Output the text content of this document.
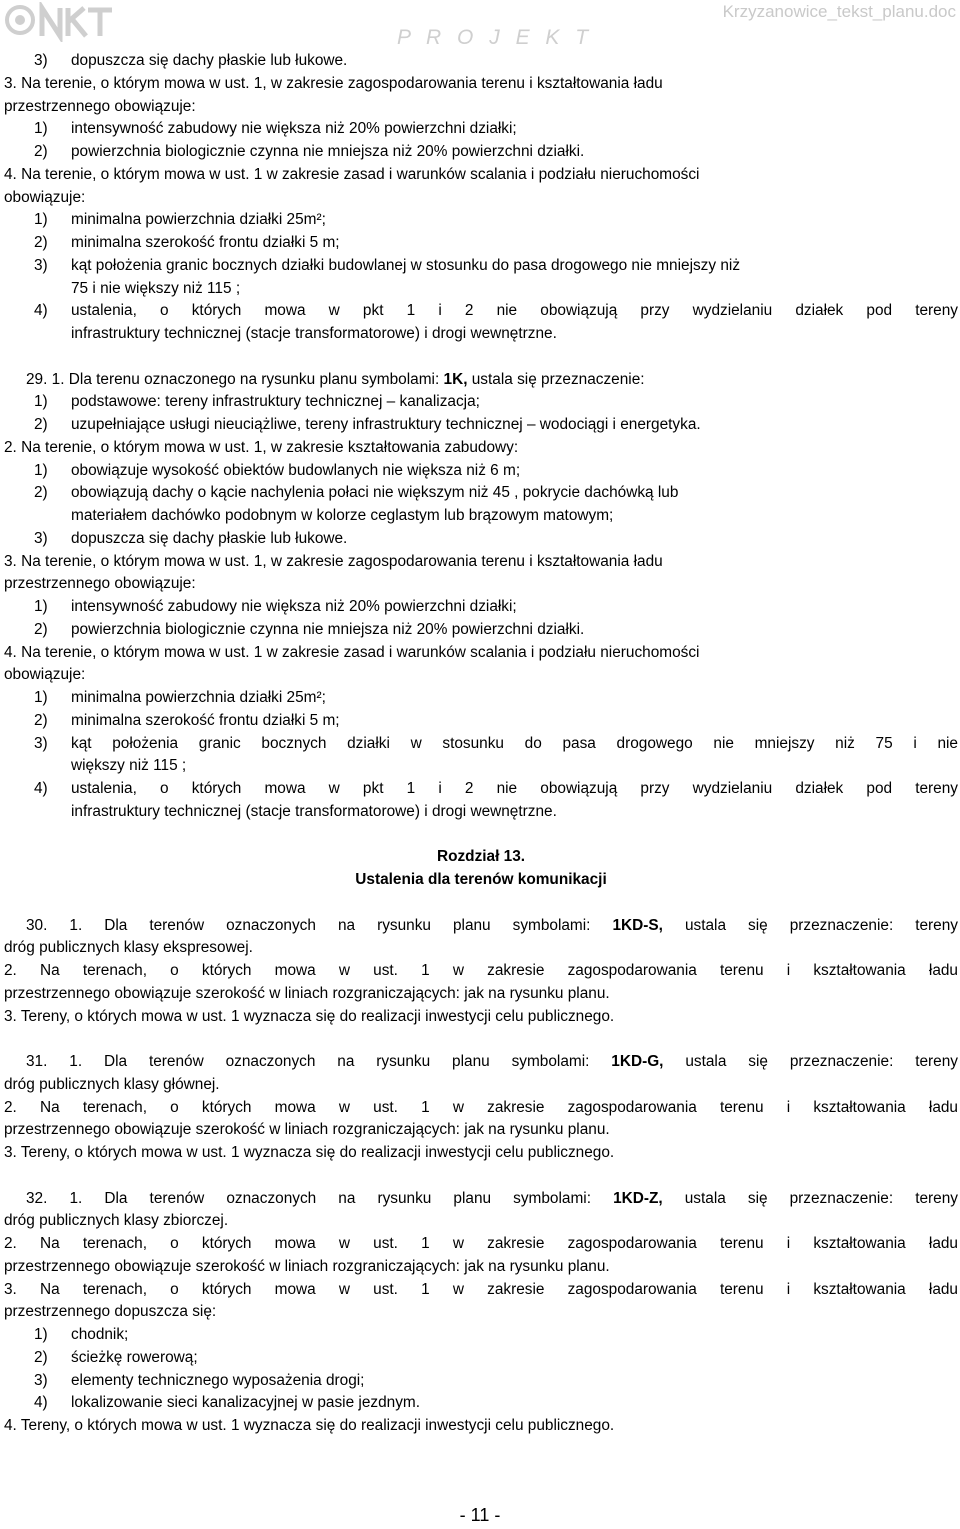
P R O J E K T
Krzyzanowice_tekst_planu.doc
3) dopuszcza się dachy płaskie lub łukowe.
3. Na terenie, o którym mowa w ust. 1, w zakresie zagospodarowania terenu i kształtowania ładu
przestrzennego obowiązuje:
1) intensywność zabudowy nie większa niż 20% powierzchni działki;
2) powierzchnia biologicznie czynna nie mniejsza niż 20% powierzchni działki.
4. Na terenie, o którym mowa w ust. 1 w zakresie zasad i warunków scalania i podziału nieruchomości
obowiązuje:
1) minimalna powierzchnia działki 25m²;
2) minimalna szerokość frontu działki 5 m;
3) kąt położenia granic bocznych działki budowlanej w stosunku do pasa drogowego nie mniejszy niż
75 i nie większy niż 115 ;
4) ustalenia, o których mowa w pkt 1 i 2 nie obowiązują przy wydzielaniu działek pod tereny
infrastruktury technicznej (stacje transformatorowe) i drogi wewnętrzne.
29. 1. Dla terenu oznaczonego na rysunku planu symbolami: 1K, ustala się przeznaczenie:
1) podstawowe: tereny infrastruktury technicznej – kanalizacja;
2) uzupełniające usługi nieuciążliwe, tereny infrastruktury technicznej – wodociągi i energetyka.
2. Na terenie, o którym mowa w ust. 1, w zakresie kształtowania zabudowy:
1) obowiązuje wysokość obiektów budowlanych nie większa niż 6 m;
2) obowiązują dachy o kącie nachylenia połaci nie większym niż 45 , pokrycie dachówką lub
materiałem dachówko podobnym w kolorze ceglastym lub brązowym matowym;
3) dopuszcza się dachy płaskie lub łukowe.
3. Na terenie, o którym mowa w ust. 1, w zakresie zagospodarowania terenu i kształtowania ładu
przestrzennego obowiązuje:
1) intensywność zabudowy nie większa niż 20% powierzchni działki;
2) powierzchnia biologicznie czynna nie mniejsza niż 20% powierzchni działki.
4. Na terenie, o którym mowa w ust. 1 w zakresie zasad i warunków scalania i podziału nieruchomości
obowiązuje:
1) minimalna powierzchnia działki 25m²;
2) minimalna szerokość frontu działki 5 m;
3) kąt położenia granic bocznych działki w stosunku do pasa drogowego nie mniejszy niż 75 i nie
większy niż 115 ;
4) ustalenia, o których mowa w pkt 1 i 2 nie obowiązują przy wydzielaniu działek pod tereny
infrastruktury technicznej (stacje transformatorowe) i drogi wewnętrzne.
Rozdział 13.
Ustalenia dla terenów komunikacji
30. 1. Dla terenów oznaczonych na rysunku planu symbolami: 1KD-S, ustala się przeznaczenie: tereny
dróg publicznych klasy ekspresowej.
2. Na terenach, o których mowa w ust. 1 w zakresie zagospodarowania terenu i kształtowania ładu
przestrzennego obowiązuje szerokość w liniach rozgraniczających: jak na rysunku planu.
3. Tereny, o których mowa w ust. 1 wyznacza się do realizacji inwestycji celu publicznego.
31. 1. Dla terenów oznaczonych na rysunku planu symbolami: 1KD-G, ustala się przeznaczenie: tereny
dróg publicznych klasy głównej.
2. Na terenach, o których mowa w ust. 1 w zakresie zagospodarowania terenu i kształtowania ładu
przestrzennego obowiązuje szerokość w liniach rozgraniczających: jak na rysunku planu.
3. Tereny, o których mowa w ust. 1 wyznacza się do realizacji inwestycji celu publicznego.
32. 1. Dla terenów oznaczonych na rysunku planu symbolami: 1KD-Z, ustala się przeznaczenie: tereny
dróg publicznych klasy zbiorczej.
2. Na terenach, o których mowa w ust. 1 w zakresie zagospodarowania terenu i kształtowania ładu
przestrzennego obowiązuje szerokość w liniach rozgraniczających: jak na rysunku planu.
3. Na terenach, o których mowa w ust. 1 w zakresie zagospodarowania terenu i kształtowania ładu
przestrzennego dopuszcza się:
1) chodnik;
2) ścieżkę rowerową;
3) elementy technicznego wyposażenia drogi;
4) lokalizowanie sieci kanalizacyjnej w pasie jezdnym.
4. Tereny, o których mowa w ust. 1 wyznacza się do realizacji inwestycji celu publicznego.
- 11 -
